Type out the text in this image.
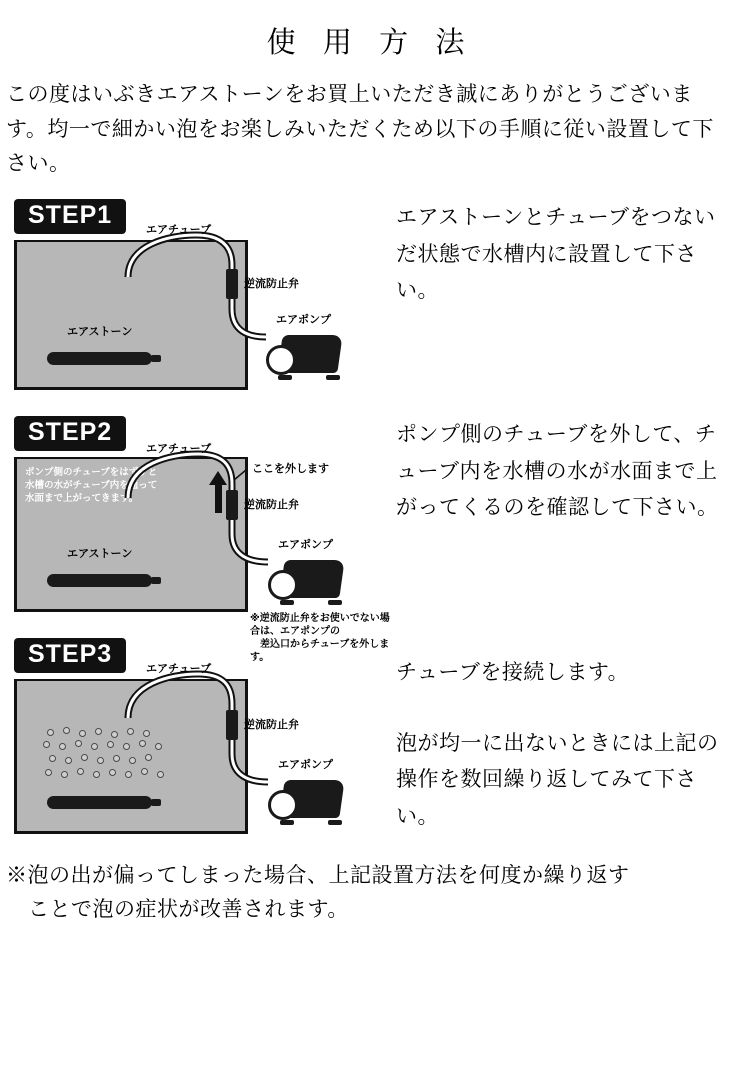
使 用 方 法
この度はいぶきエアストーンをお買上いただき誠にありがとうございます。均一で細かい泡をお楽しみいただくため以下の手順に従い設置して下さい。
STEP1
エアストーン
エアチューブ
逆流防止弁
エアポンプ

エアストーンとチューブをつないだ状態で水槽内に設置して下さい。

STEP2
ポンプ側のチューブをはずすと
水槽の水がチューブ内を通って
水面まで上がってきます。
エアストーン
エアチューブ
ここを外します
逆流防止弁
エアポンプ
※逆流防止弁をお使いでない場合は、エアポンプの
　差込口からチューブを外します。

ポンプ側のチューブを外して、チューブ内を水槽の水が水面まで上がってくるのを確認して下さい。

STEP3
エアチューブ
逆流防止弁
エアポンプ

チューブを接続します。

泡が均一に出ないときには上記の操作を数回繰り返してみて下さい。

※泡の出が偏ってしまった場合、上記設置方法を何度か繰り返す
ことで泡の症状が改善されます。
